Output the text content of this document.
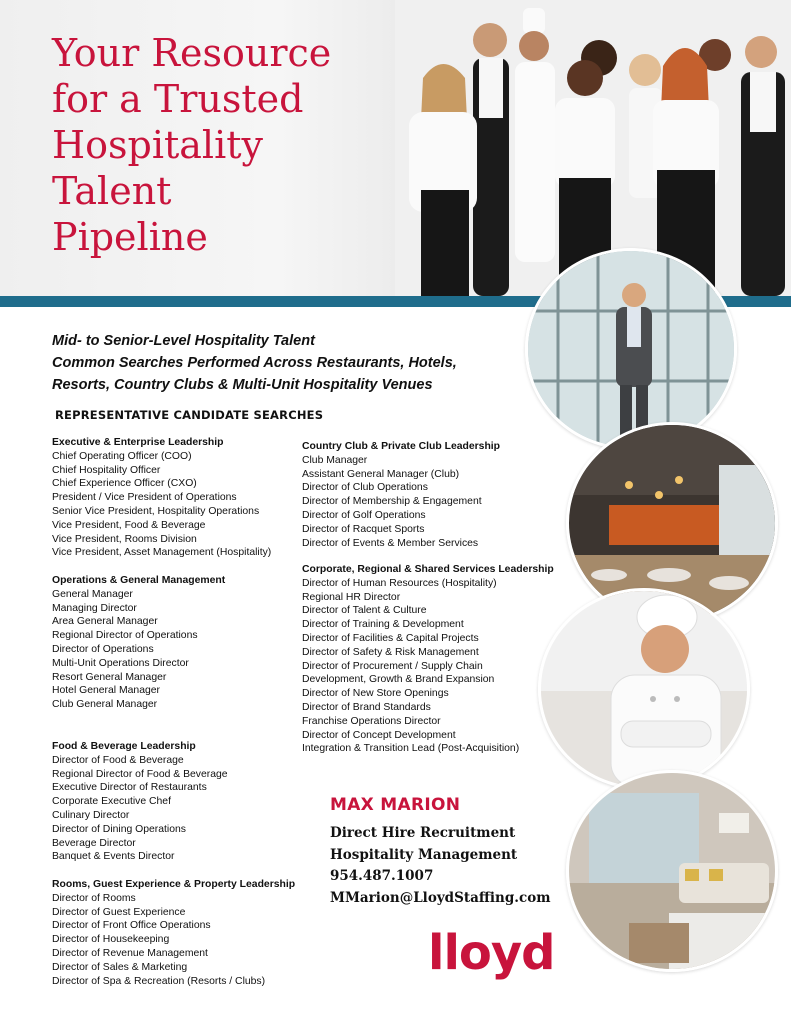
Your Resource
for a Trusted
Hospitality
Talent
Pipeline
Mid- to Senior-Level Hospitality Talent
Common Searches Performed Across Restaurants, Hotels,
Resorts, Country Clubs & Multi-Unit Hospitality Venues
REPRESENTATIVE CANDIDATE SEARCHES
Executive & Enterprise Leadership
Chief Operating Officer (COO)
Chief Hospitality Officer
Chief Experience Officer (CXO)
President / Vice President of Operations
Senior Vice President, Hospitality Operations
Vice President, Food & Beverage
Vice President, Rooms Division
Vice President, Asset Management (Hospitality)
Operations & General Management
General Manager
Managing Director
Area General Manager
Regional Director of Operations
Director of Operations
Multi-Unit Operations Director
Resort General Manager
Hotel General Manager
Club General Manager
Food & Beverage Leadership
Director of Food & Beverage
Regional Director of Food & Beverage
Executive Director of Restaurants
Corporate Executive Chef
Culinary Director
Director of Dining Operations
Beverage Director
Banquet & Events Director
Rooms, Guest Experience & Property Leadership
Director of Rooms
Director of Guest Experience
Director of Front Office Operations
Director of Housekeeping
Director of Revenue Management
Director of Sales & Marketing
Director of Spa & Recreation (Resorts / Clubs)
Country Club & Private Club Leadership
Club Manager
Assistant General Manager (Club)
Director of Club Operations
Director of Membership & Engagement
Director of Golf Operations
Director of Racquet Sports
Director of Events & Member Services
Corporate, Regional & Shared Services Leadership
Director of Human Resources (Hospitality)
Regional HR Director
Director of Talent & Culture
Director of Training & Development
Director of Facilities & Capital Projects
Director of Safety & Risk Management
Director of Procurement / Supply Chain
Development, Growth & Brand Expansion
Director of New Store Openings
Director of Brand Standards
Franchise Operations Director
Director of Concept Development
Integration & Transition Lead (Post-Acquisition)
MAX MARION
Direct Hire Recruitment
Hospitality Management
954.487.1007
MMarion@LloydStaffing.com
lloyd
